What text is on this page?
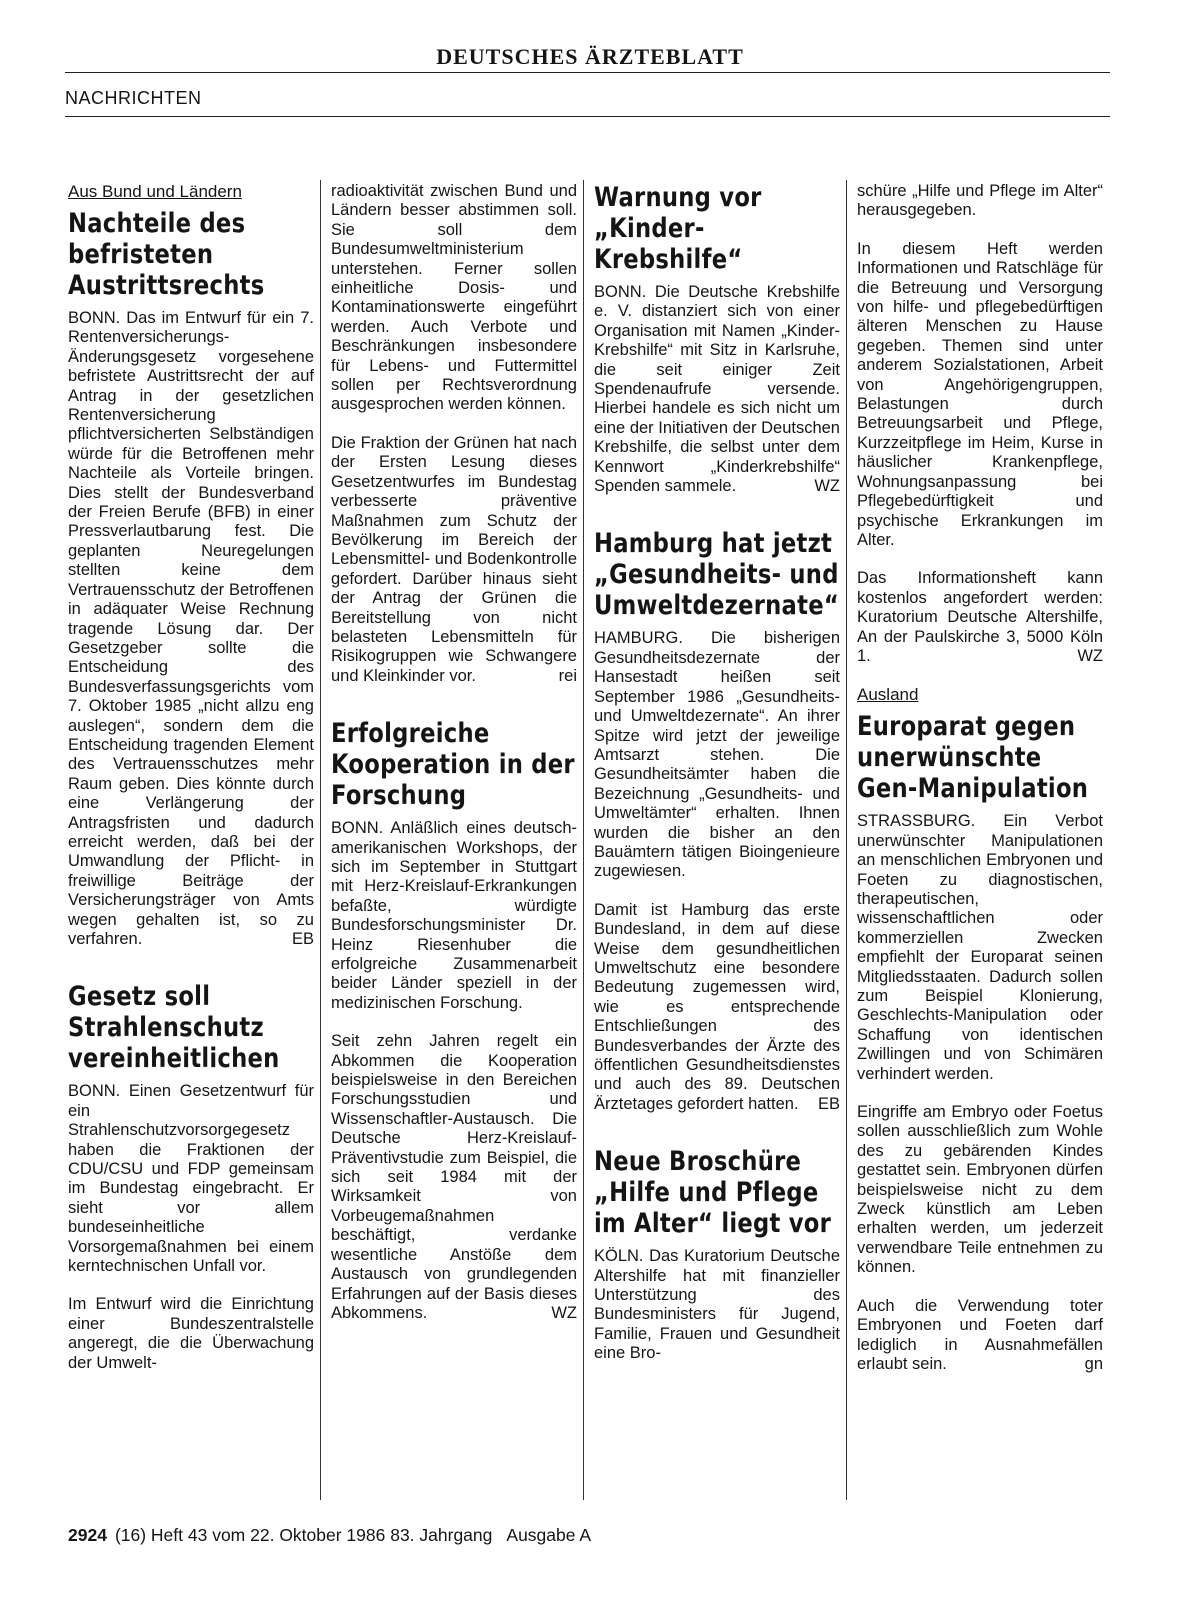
DEUTSCHES ÄRZTEBLATT
NACHRICHTEN
Aus Bund und Ländern
Nachteile des befristeten Austrittsrechts

BONN. Das im Entwurf für ein 7. Rentenversicherungs-Änderungsgesetz vorgesehene befristete Austrittsrecht der auf Antrag in der gesetzlichen Rentenversicherung pflichtversicherten Selbständigen würde für die Betroffenen mehr Nachteile als Vorteile bringen. Dies stellt der Bundesverband der Freien Berufe (BFB) in einer Pressverlautbarung fest. Die geplanten Neuregelungen stellten keine dem Vertrauensschutz der Betroffenen in adäquater Weise Rechnung tragende Lösung dar. Der Gesetzgeber sollte die Entscheidung des Bundesverfassungsgerichts vom 7. Oktober 1985 „nicht allzu eng auslegen“, sondern dem die Entscheidung tragenden Element des Vertrauensschutzes mehr Raum geben. Dies könnte durch eine Verlängerung der Antragsfristen und dadurch erreicht werden, daß bei der Umwandlung der Pflicht- in freiwillige Beiträge der Versicherungsträger von Amts wegen gehalten ist, so zu verfahren.	EB

Gesetz soll Strahlenschutz vereinheitlichen

BONN. Einen Gesetzentwurf für ein Strahlenschutzvorsorgegesetz haben die Fraktionen der CDU/CSU und FDP gemeinsam im Bundestag eingebracht. Er sieht vor allem bundeseinheitliche Vorsorgemaßnahmen bei einem kerntechnischen Unfall vor.

Im Entwurf wird die Einrichtung einer Bundeszentralstelle angeregt, die die Überwachung der Umwelt-

radioaktivität zwischen Bund und Ländern besser abstimmen soll. Sie soll dem Bundesumweltministerium unterstehen. Ferner sollen einheitliche Dosis- und Kontaminationswerte eingeführt werden. Auch Verbote und Beschränkungen insbesondere für Lebens- und Futtermittel sollen per Rechtsverordnung ausgesprochen werden können.

Die Fraktion der Grünen hat nach der Ersten Lesung dieses Gesetzentwurfes im Bundestag verbesserte präventive Maßnahmen zum Schutz der Bevölkerung im Bereich der Lebensmittel- und Bodenkontrolle gefordert. Darüber hinaus sieht der Antrag der Grünen die Bereitstellung von nicht belasteten Lebensmitteln für Risikogruppen wie Schwangere und Kleinkinder vor.	rei

Erfolgreiche Kooperation in der Forschung

BONN. Anläßlich eines deutsch-amerikanischen Workshops, der sich im September in Stuttgart mit Herz-Kreislauf-Erkrankungen befaßte, würdigte Bundesforschungsminister Dr. Heinz Riesenhuber die erfolgreiche Zusammenarbeit beider Länder speziell in der medizinischen Forschung.

Seit zehn Jahren regelt ein Abkommen die Kooperation beispielsweise in den Bereichen Forschungsstudien und Wissenschaftler-Austausch. Die Deutsche Herz-Kreislauf-Präventivstudie zum Beispiel, die sich seit 1984 mit der Wirksamkeit von Vorbeugemaßnahmen beschäftigt, verdanke wesentliche Anstöße dem Austausch von grundlegenden Erfahrungen auf der Basis dieses Abkommens.	WZ

Warnung vor „Kinder-Krebshilfe“

BONN. Die Deutsche Krebshilfe e. V. distanziert sich von einer Organisation mit Namen „Kinder-Krebshilfe“ mit Sitz in Karlsruhe, die seit einiger Zeit Spendenaufrufe versende. Hierbei handele es sich nicht um eine der Initiativen der Deutschen Krebshilfe, die selbst unter dem Kennwort „Kinderkrebshilfe“ Spenden sammele.	WZ

Hamburg hat jetzt „Gesundheits- und Umweltdezernate“

HAMBURG. Die bisherigen Gesundheitsdezernate der Hansestadt heißen seit September 1986 „Gesundheits- und Umweltdezernate“. An ihrer Spitze wird jetzt der jeweilige Amtsarzt stehen. Die Gesundheitsämter haben die Bezeichnung „Gesundheits- und Umweltämter“ erhalten. Ihnen wurden die bisher an den Bauämtern tätigen Bioingenieure zugewiesen.

Damit ist Hamburg das erste Bundesland, in dem auf diese Weise dem gesundheitlichen Umweltschutz eine besondere Bedeutung zugemessen wird, wie es entsprechende Entschließungen des Bundesverbandes der Ärzte des öffentlichen Gesundheitsdienstes und auch des 89. Deutschen Ärztetages gefordert hatten. EB

Neue Broschüre „Hilfe und Pflege im Alter“ liegt vor

KÖLN. Das Kuratorium Deutsche Altershilfe hat mit finanzieller Unterstützung des Bundesministers für Jugend, Familie, Frauen und Gesundheit eine Bro-

schüre „Hilfe und Pflege im Alter“ herausgegeben.

In diesem Heft werden Informationen und Ratschläge für die Betreuung und Versorgung von hilfe- und pflegebedürftigen älteren Menschen zu Hause gegeben. Themen sind unter anderem Sozialstationen, Arbeit von Angehörigengruppen, Belastungen durch Betreuungsarbeit und Pflege, Kurzzeitpflege im Heim, Kurse in häuslicher Krankenpflege, Wohnungsanpassung bei Pflegebedürftigkeit und psychische Erkrankungen im Alter.

Das Informationsheft kann kostenlos angefordert werden: Kuratorium Deutsche Altershilfe, An der Paulskirche 3, 5000 Köln 1.	WZ

Ausland
Europarat gegen unerwünschte Gen-Manipulation

STRASSBURG. Ein Verbot unerwünschter Manipulationen an menschlichen Embryonen und Foeten zu diagnostischen, therapeutischen, wissenschaftlichen oder kommerziellen Zwecken empfiehlt der Europarat seinen Mitgliedsstaaten. Dadurch sollen zum Beispiel Klonierung, Geschlechts-Manipulation oder Schaffung von identischen Zwillingen und von Schimären verhindert werden.

Eingriffe am Embryo oder Foetus sollen ausschließlich zum Wohle des zu gebärenden Kindes gestattet sein. Embryonen dürfen beispielsweise nicht zu dem Zweck künstlich am Leben erhalten werden, um jederzeit verwendbare Teile entnehmen zu können.

Auch die Verwendung toter Embryonen und Foeten darf lediglich in Ausnahmefällen erlaubt sein.	gn

2924 (16) Heft 43 vom 22. Oktober 1986 83. Jahrgang Ausgabe A
